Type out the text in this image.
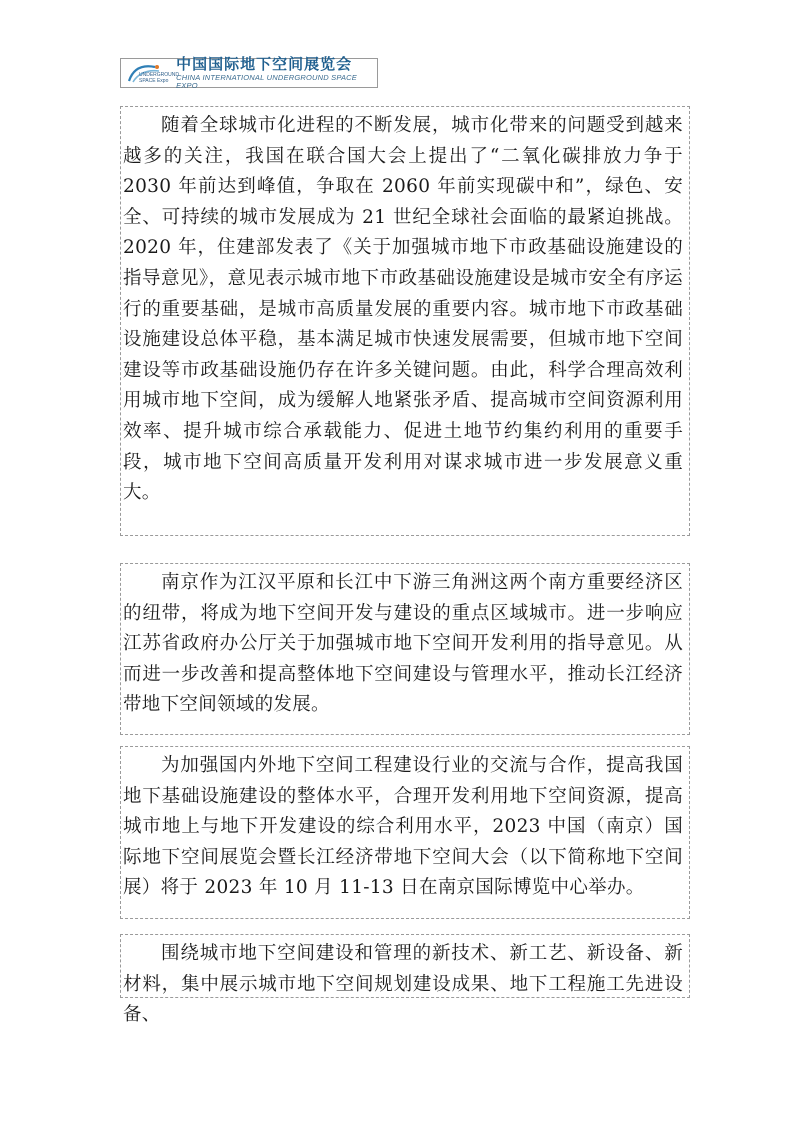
UNDERGROUND
SPACE Expo
中国国际地下空间展览会
CHINA INTERNATIONAL UNDERGROUND SPACE EXPO
随着全球城市化进程的不断发展，城市化带来的问题受到越来越多的关注，我国在联合国大会上提出了“二氧化碳排放力争于 2030 年前达到峰值，争取在 2060 年前实现碳中和”，绿色、安全、可持续的城市发展成为 21 世纪全球社会面临的最紧迫挑战。2020 年，住建部发表了《关于加强城市地下市政基础设施建设的指导意见》，意见表示城市地下市政基础设施建设是城市安全有序运行的重要基础，是城市高质量发展的重要内容。城市地下市政基础设施建设总体平稳，基本满足城市快速发展需要，但城市地下空间建设等市政基础设施仍存在许多关键问题。由此，科学合理高效利用城市地下空间，成为缓解人地紧张矛盾、提高城市空间资源利用效率、提升城市综合承载能力、促进土地节约集约利用的重要手段，城市地下空间高质量开发利用对谋求城市进一步发展意义重大。
南京作为江汉平原和长江中下游三角洲这两个南方重要经济区的纽带，将成为地下空间开发与建设的重点区域城市。进一步响应江苏省政府办公厅关于加强城市地下空间开发利用的指导意见。从而进一步改善和提高整体地下空间建设与管理水平，推动长江经济带地下空间领域的发展。
为加强国内外地下空间工程建设行业的交流与合作，提高我国地下基础设施建设的整体水平，合理开发利用地下空间资源，提高城市地上与地下开发建设的综合利用水平，2023 中国（南京）国际地下空间展览会暨长江经济带地下空间大会（以下简称地下空间展）将于 2023 年 10 月 11-13 日在南京国际博览中心举办。
围绕城市地下空间建设和管理的新技术、新工艺、新设备、新材料，集中展示城市地下空间规划建设成果、地下工程施工先进设备、
